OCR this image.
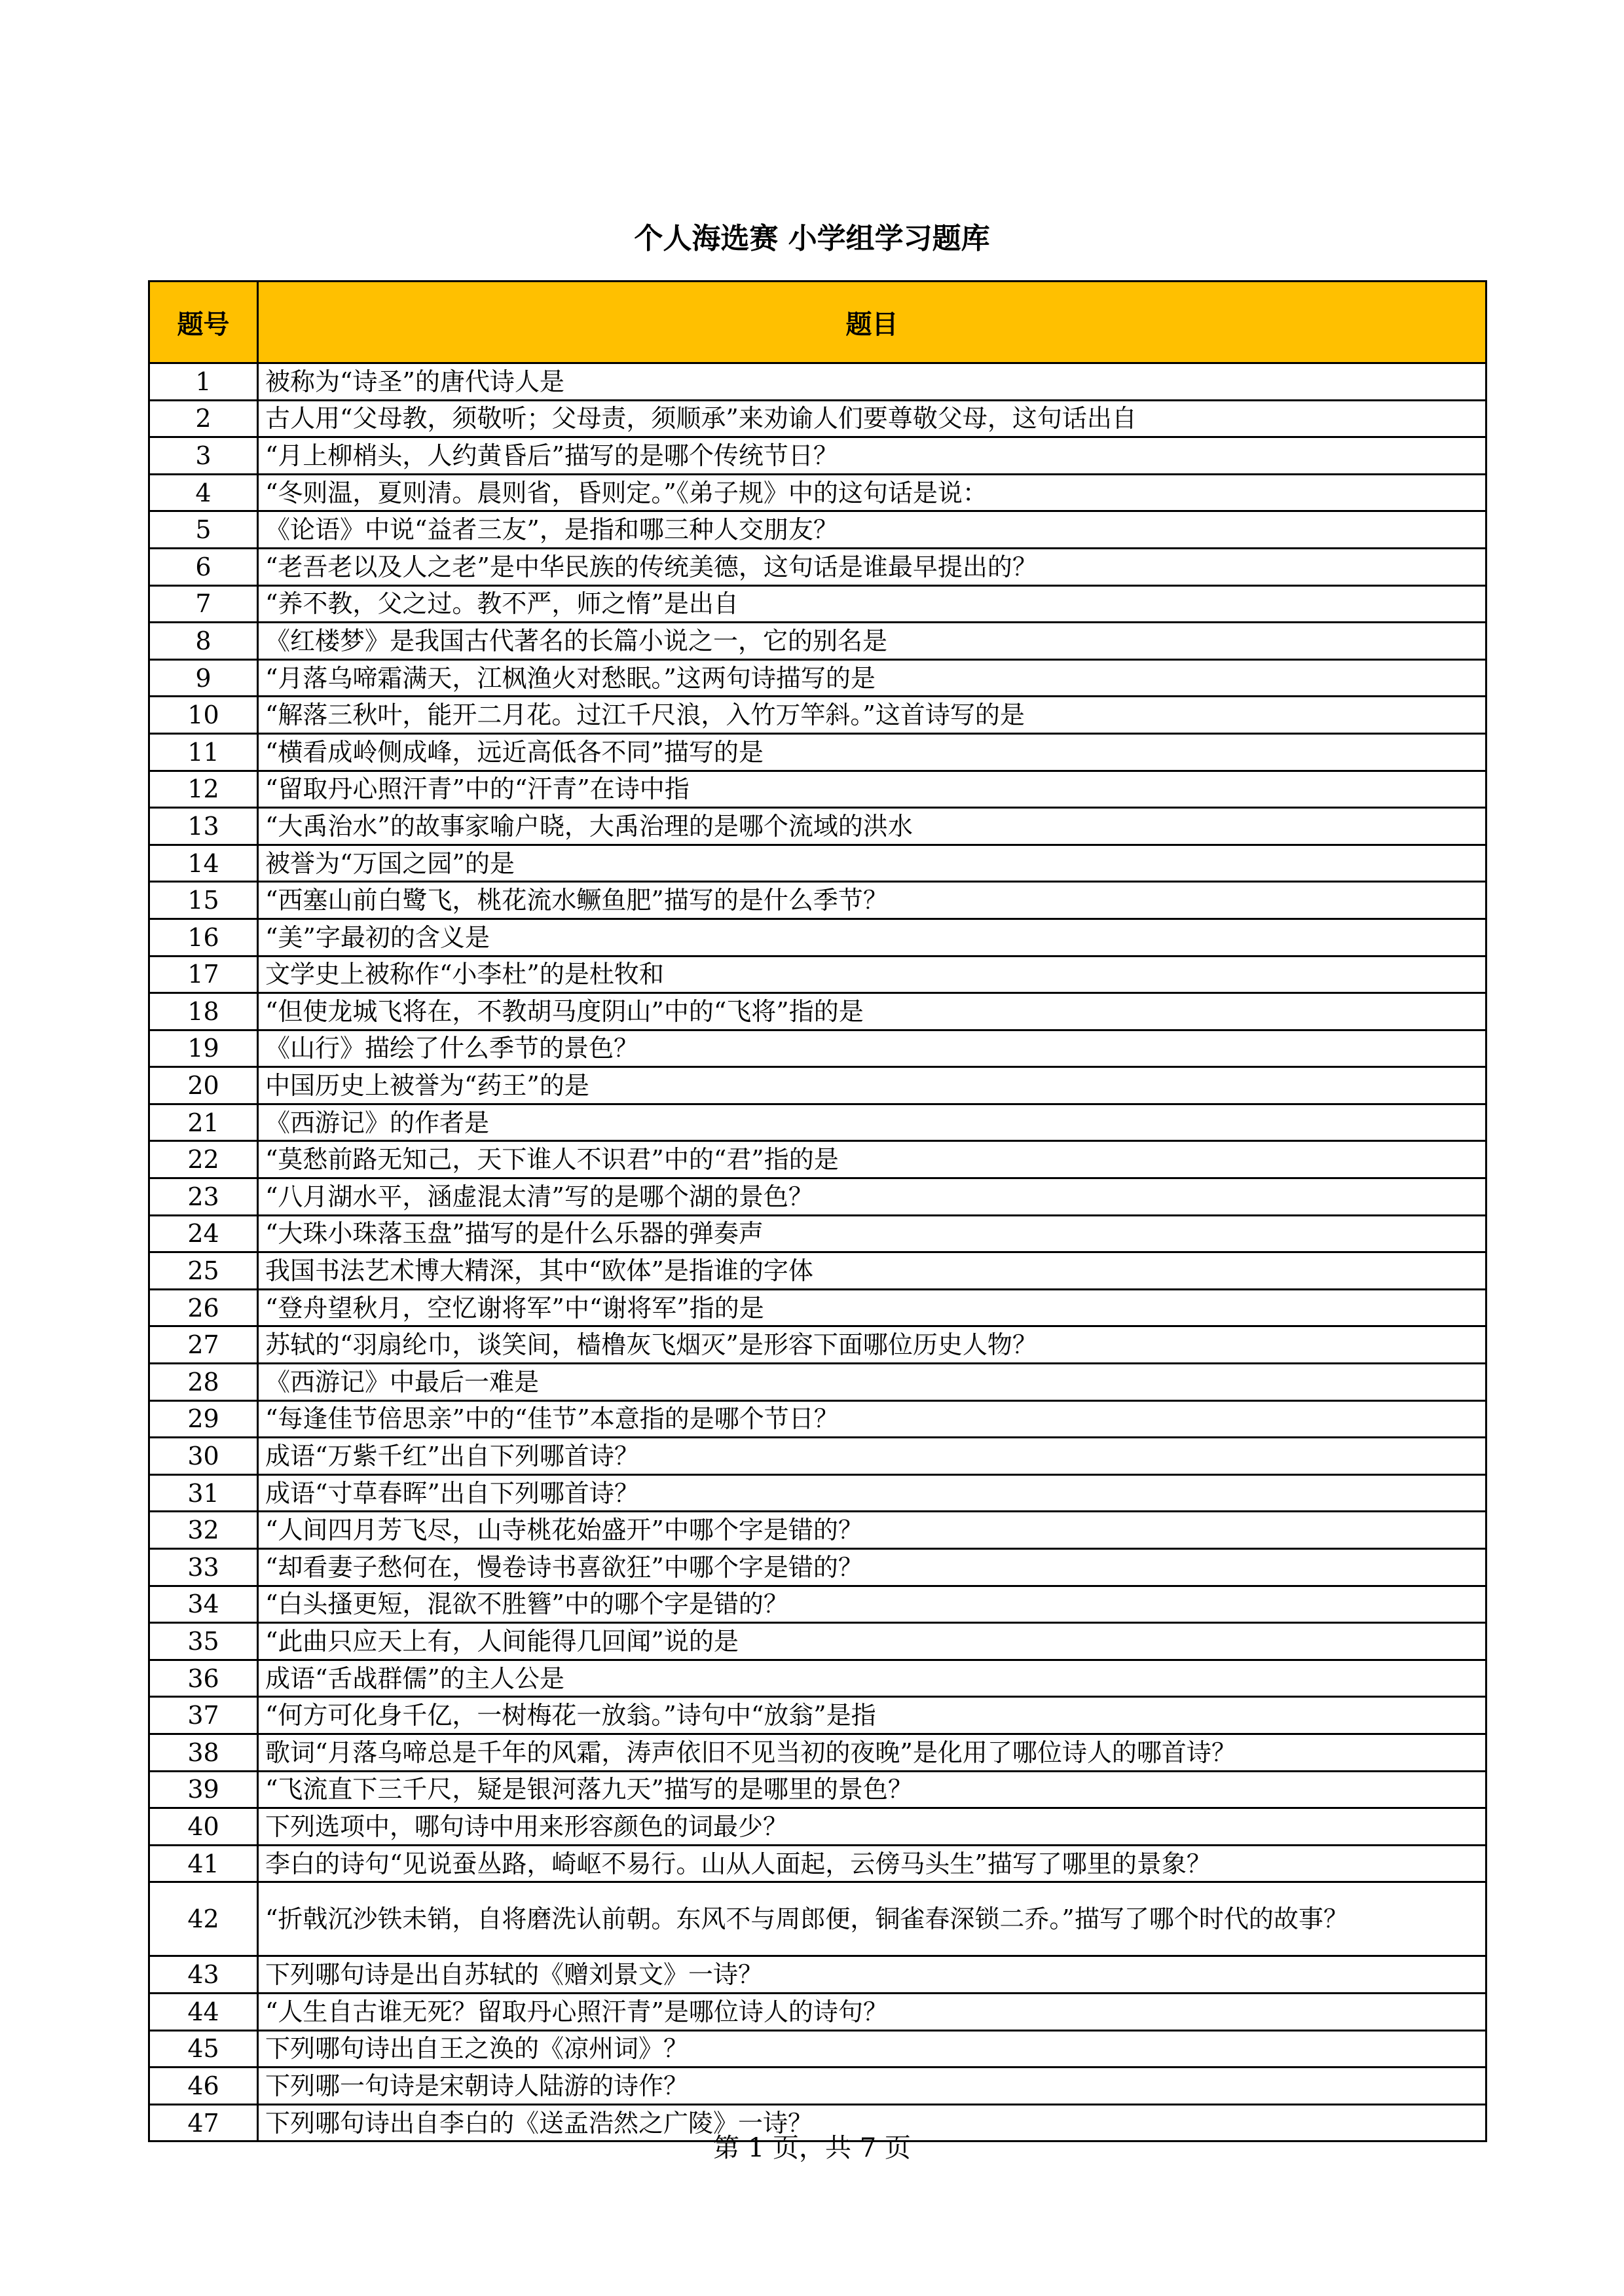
个人海选赛 小学组学习题库
题号	题目
1	被称为“诗圣”的唐代诗人是
2	古人用“父母教，须敬听；父母责，须顺承”来劝谕人们要尊敬父母，这句话出自
3	“月上柳梢头，人约黄昏后”描写的是哪个传统节日？
4	“冬则温，夏则清。晨则省，昏则定。”《弟子规》中的这句话是说：
5	《论语》中说“益者三友”，是指和哪三种人交朋友？
6	“老吾老以及人之老”是中华民族的传统美德，这句话是谁最早提出的？
7	“养不教，父之过。教不严，师之惰”是出自
8	《红楼梦》是我国古代著名的长篇小说之一，它的别名是
9	“月落乌啼霜满天，江枫渔火对愁眠。”这两句诗描写的是
10	“解落三秋叶，能开二月花。过江千尺浪，入竹万竿斜。”这首诗写的是
11	“横看成岭侧成峰，远近高低各不同”描写的是
12	“留取丹心照汗青”中的“汗青”在诗中指
13	“大禹治水”的故事家喻户晓，大禹治理的是哪个流域的洪水
14	被誉为“万国之园”的是
15	“西塞山前白鹭飞，桃花流水鳜鱼肥”描写的是什么季节？
16	“美”字最初的含义是
17	文学史上被称作“小李杜”的是杜牧和
18	“但使龙城飞将在，不教胡马度阴山”中的“飞将”指的是
19	《山行》描绘了什么季节的景色？
20	中国历史上被誉为“药王”的是
21	《西游记》的作者是
22	“莫愁前路无知己，天下谁人不识君”中的“君”指的是
23	“八月湖水平，涵虚混太清”写的是哪个湖的景色？
24	“大珠小珠落玉盘”描写的是什么乐器的弹奏声
25	我国书法艺术博大精深，其中“欧体”是指谁的字体
26	“登舟望秋月，空忆谢将军”中“谢将军”指的是
27	苏轼的“羽扇纶巾，谈笑间，樯橹灰飞烟灭”是形容下面哪位历史人物？
28	《西游记》中最后一难是
29	“每逢佳节倍思亲”中的“佳节”本意指的是哪个节日？
30	成语“万紫千红”出自下列哪首诗？
31	成语“寸草春晖”出自下列哪首诗？
32	“人间四月芳飞尽，山寺桃花始盛开”中哪个字是错的？
33	“却看妻子愁何在，慢卷诗书喜欲狂”中哪个字是错的？
34	“白头搔更短，混欲不胜簪”中的哪个字是错的？
35	“此曲只应天上有，人间能得几回闻”说的是
36	成语“舌战群儒”的主人公是
37	“何方可化身千亿，一树梅花一放翁。”诗句中“放翁”是指
38	歌词“月落乌啼总是千年的风霜，涛声依旧不见当初的夜晚”是化用了哪位诗人的哪首诗？
39	“飞流直下三千尺，疑是银河落九天”描写的是哪里的景色？
40	下列选项中，哪句诗中用来形容颜色的词最少？
41	李白的诗句“见说蚕丛路，崎岖不易行。山从人面起，云傍马头生”描写了哪里的景象？
42	“折戟沉沙铁未销，自将磨洗认前朝。东风不与周郎便，铜雀春深锁二乔。”描写了哪个时代的故事？
43	下列哪句诗是出自苏轼的《赠刘景文》一诗？
44	“人生自古谁无死？留取丹心照汗青”是哪位诗人的诗句？
45	下列哪句诗出自王之涣的《凉州词》？
46	下列哪一句诗是宋朝诗人陆游的诗作？
47	下列哪句诗出自李白的《送孟浩然之广陵》一诗？
第 1 页，共 7 页
